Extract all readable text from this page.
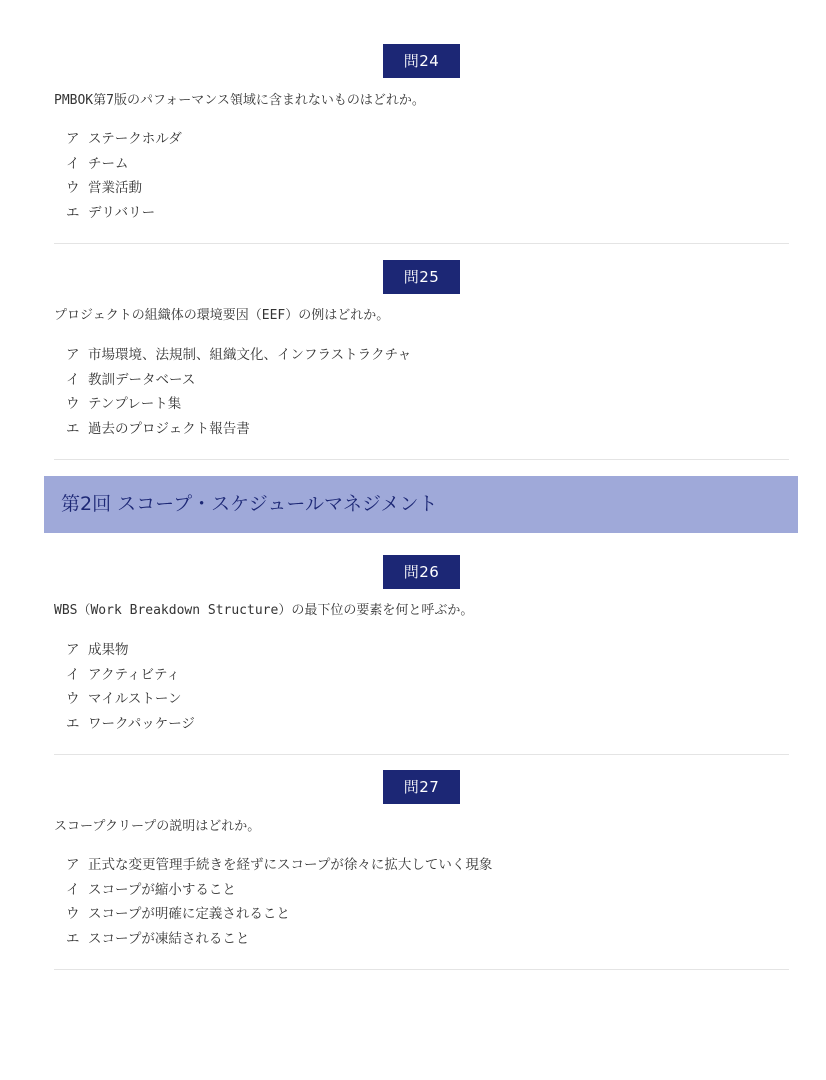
問24
PMBOK第7版のパフォーマンス領域に含まれないものはどれか。
ア ステークホルダ
イ チーム
ウ 営業活動
エ デリバリー
問25
プロジェクトの組織体の環境要因（EEF）の例はどれか。
ア 市場環境、法規制、組織文化、インフラストラクチャ
イ 教訓データベース
ウ テンプレート集
エ 過去のプロジェクト報告書
第2回 スコープ・スケジュールマネジメント
問26
WBS（Work Breakdown Structure）の最下位の要素を何と呼ぶか。
ア 成果物
イ アクティビティ
ウ マイルストーン
エ ワークパッケージ
問27
スコープクリープの説明はどれか。
ア 正式な変更管理手続きを経ずにスコープが徐々に拡大していく現象
イ スコープが縮小すること
ウ スコープが明確に定義されること
エ スコープが凍結されること
